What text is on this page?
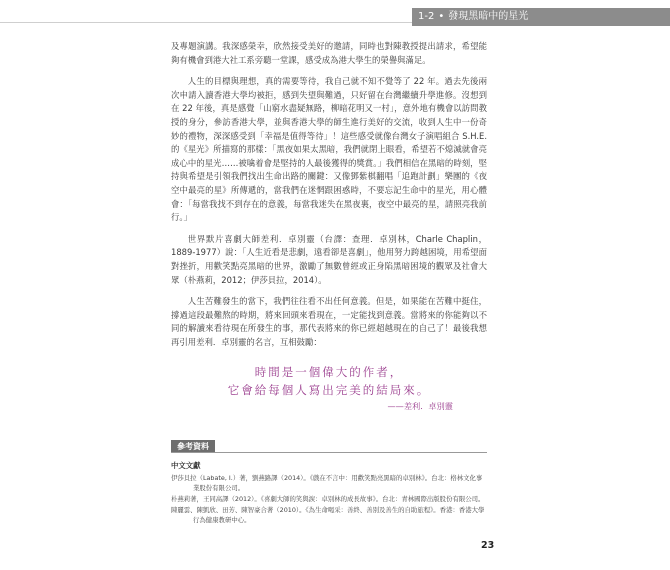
1-2 • 發現黑暗中的星光

及專題演講。我深感榮幸，欣然接受美好的邀請，同時也對陳教授提出請求，希望能夠有機會到港大社工系旁聽一堂課，感受成為港大學生的榮譽與滿足。

人生的目標與理想，真的需要等待，我自己就不知不覺等了 22 年。過去先後兩次申請入讀香港大學均被拒，感到失望與難過，只好留在台灣繼續升學進修。沒想到在 22 年後，真是感覺「山窮水盡疑無路，柳暗花明又一村」，意外地有機會以訪問教授的身分，參訪香港大學，並與香港大學的師生進行美好的交流，收到人生中一份奇妙的禮物，深深感受到「幸福是值得等待」！這些感受就像台灣女子演唱組合 S.H.E. 的《星光》所描寫的那樣：「黑夜如果太黑暗，我們就閉上眼看，希望若不熄滅就會亮成心中的星光……被噙着會是堅持的人最後獲得的獎賞。」我們相信在黑暗的時刻，堅持與希望是引領我們找出生命出路的關鍵：又像鄧紫棋翻唱「追跑計劃」樂團的《夜空中最亮的星》所傳遞的，當我們在迷惘跟困惑時，不要忘記生命中的星光，用心體會：「每當我找不到存在的意義，每當我迷失在黑夜裏，夜空中最亮的星，請照亮我前行。」

世界默片喜劇大師差利．卓別靈（台譯：查理．卓別林，Charle Chaplin，1889-1977）說：「人生近看是悲劇，遠看卻是喜劇」，他用努力跨越困境，用希望面對挫折，用歡笑點亮黑暗的世界，激勵了無數曾經或正身陷黑暗困境的觀眾及社會大眾（朴燕莉，2012；伊莎貝拉，2014）。

人生苦難發生的當下，我們往往看不出任何意義。但是，如果能在苦難中挺住，撐過這段最難熬的時期，將來回頭來看現在，一定能找到意義。當將來的你能夠以不同的解讀來看待現在所發生的事，那代表將來的你已經超越現在的自己了！最後我想再引用差利．卓別靈的名言，互相鼓勵：

時間是一個偉大的作者，
它會給每個人寫出完美的結局來。
——差利．卓別靈
參考資料
中文文獻
伊莎貝拉（Labate, I.）著，劉燕路譯（2014）。《戲在不言中：用歡笑點亮黑暗的卓別林》。台北：格林文化事業股份有限公司。
朴燕莉著，王同高譯（2012）。《喜劇大師的笑與淚：卓別林的成長故事》。台北：青林國際出版股份有限公司。
陳麗雲、陳凱欣、田芳、陳智豪合著（2010）。《為生命喝采：善終、善別及善生的自助旅程》。香港：香港大學行為健康教研中心。
23
